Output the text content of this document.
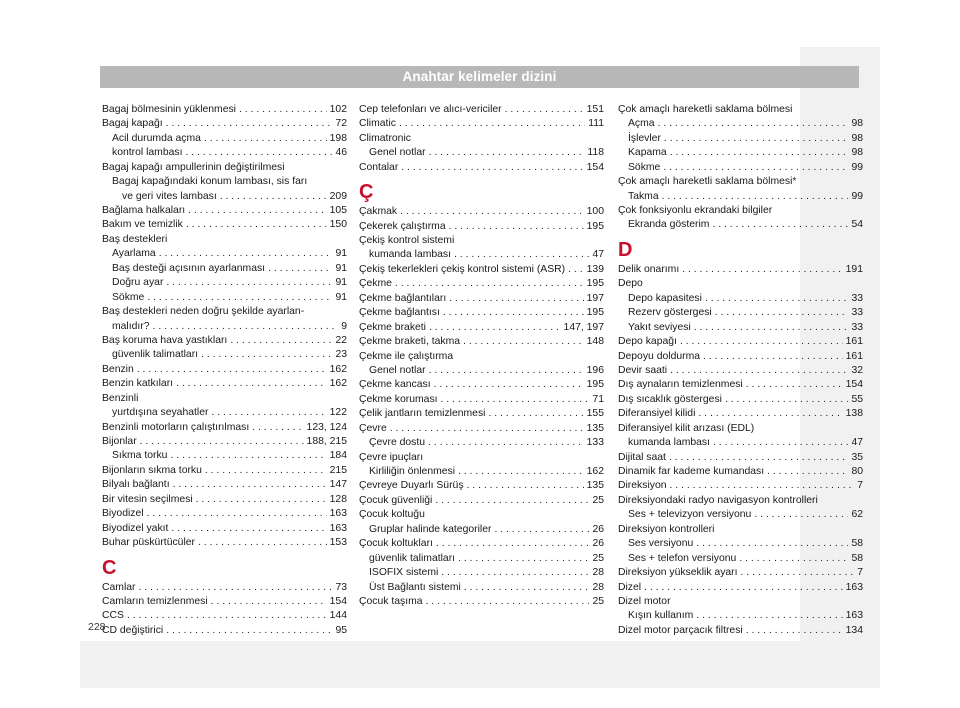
Anahtar kelimeler dizini
Bagaj bölmesinin yüklenmesi . . .	102
Bagaj kapağı . . .	72
Acil durumda açma . . .	198
kontrol lambası . . .	46
Bagaj kapağı ampullerinin değiştirilmesi
Bagaj kapağındaki konum lambası, sis farı
ve geri vites lambası . . .	209
Bağlama halkaları . . .	105
Bakım ve temizlik . . .	150
Baş destekleri
Ayarlama . . .	91
Baş desteği açısının ayarlanması . . .	91
Doğru ayar . . .	91
Sökme . . .	91
Baş destekleri neden doğru şekilde ayarlan-
malıdır? . . .	9
Baş koruma hava yastıkları . . .	22
güvenlik talimatları . . .	23
Benzin . . .	162
Benzin katkıları . . .	162
Benzinli
yurtdışına seyahatler . . .	122
Benzinli motorların çalıştırılması . . .	123, 124
Bijonlar . . .	188, 215
Sıkma torku . . .	184
Bijonların sıkma torku . . .	215
Bilyalı bağlantı . . .	147
Bir vitesin seçilmesi . . .	128
Biyodizel . . .	163
Biyodizel yakıt . . .	163
Buhar püskürtücüler . . .	153
C
Camlar . . .	73
Camların temizlenmesi . . .	154
CCS . . .	144
CD değiştirici . . .	95
Cep telefonları ve alıcı-vericiler . . .	151
Climatic . . .	111
Climatronic
Genel notlar . . .	118
Contalar . . .	154
Ç
Çakmak . . .	100
Çekerek çalıştırma . . .	195
Çekiş kontrol sistemi
kumanda lambası . . .	47
Çekiş tekerlekleri çekiş kontrol sistemi (ASR) . . . 139
Çekme . . .	195
Çekme bağlantıları . . .	197
Çekme bağlantısı . . .	195
Çekme braketi . . .	147, 197
Çekme braketi, takma . . .	148
Çekme ile çalıştırma
Genel notlar . . .	196
Çekme kancası . . .	195
Çekme koruması . . .	71
Çelik jantların temizlenmesi . . .	155
Çevre . . .	135
Çevre dostu . . .	133
Çevre ipuçları
Kirliliğin önlenmesi . . .	162
Çevreye Duyarlı Sürüş . . .	135
Çocuk güvenliği . . .	25
Çocuk koltuğu
Gruplar halinde kategoriler . . .	26
Çocuk koltukları . . .	26
güvenlik talimatları . . .	25
ISOFIX sistemi . . .	28
Üst Bağlantı sistemi . . .	28
Çocuk taşıma . . .	25
Çok amaçlı hareketli saklama bölmesi
Açma . . .	98
İşlevler . . .	98
Kapama . . .	98
Sökme . . .	99
Çok amaçlı hareketli saklama bölmesi*
Takma . . .	99
Çok fonksiyonlu ekrandaki bilgiler
Ekranda gösterim . . .	54
D
Delik onarımı . . .	191
Depo
Depo kapasitesi . . .	33
Rezerv göstergesi . . .	33
Yakıt seviyesi . . .	33
Depo kapağı . . .	161
Depoyu doldurma . . .	161
Devir saati . . .	32
Dış aynaların temizlenmesi . . .	154
Dış sıcaklık göstergesi . . .	55
Diferansiyel kilidi . . .	138
Diferansiyel kilit arızası (EDL)
kumanda lambası . . .	47
Dijital saat . . .	35
Dinamik far kademe kumandası . . .	80
Direksiyon . . .	7
Direksiyondaki radyo navigasyon kontrolleri
Ses + televizyon versiyonu . . .	62
Direksiyon kontrolleri
Ses versiyonu . . .	58
Ses + telefon versiyonu . . .	58
Direksiyon yükseklik ayarı . . .	7
Dizel . . .	163
Dizel motor
Kışın kullanım . . .	163
Dizel motor parçacık filtresi . . .	134
228
